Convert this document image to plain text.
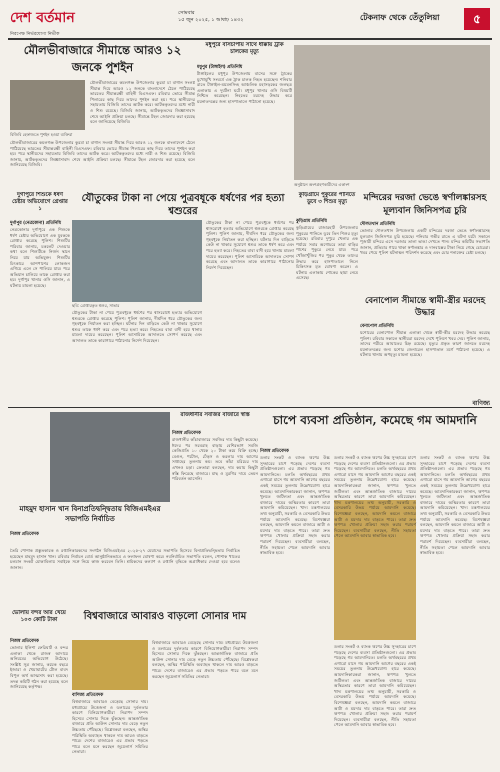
দেশ বর্তমান
নিরপেক্ষ নির্ভরযোগ্য নির্ভীক
সোমবার
১৫ জুন ২০২৫, ১ আষাঢ় ১৪৩২	টেকনাফ থেকে তেঁতুলিয়া	৫
মৌলভীবাজারে সীমান্তে আরও ১২ জনকে পুশইন
বিজিবি হেফাজতে পুশইন হওয়া ব্যক্তিরা
মৌলভীবাজারের কমলগঞ্জ উপজেলার কুরমা চা বাগান সংলগ্ন সীমান্ত দিয়ে আরও ১২ জনকে বাংলাদেশে ঠেলে পাঠিয়েছে ভারতের সীমান্তরক্ষী বাহিনী বিএসএফ। রবিবার ভোরে সীমান্ত পিলারের কাছ দিয়ে তাদের পুশইন করা হয়। পরে স্থানীয়দের সহায়তায় বিজিবি তাদের আটক করে। আটককৃতদের মধ্যে নারী ও শিশু রয়েছে। বিজিবি জানায়, আটককৃতদের জিজ্ঞাসাবাদ শেষে আইনি প্রক্রিয়া চলছে। সীমান্তে টহল জোরদার করা হয়েছে বলে জানিয়েছে বিজিবি।
মৌলভীবাজারের কমলগঞ্জ উপজেলার কুরমা চা বাগান সংলগ্ন সীমান্ত দিয়ে আরও ১২ জনকে বাংলাদেশে ঠেলে পাঠিয়েছে ভারতের সীমান্তরক্ষী বাহিনী বিএসএফ। রবিবার ভোরে সীমান্ত পিলারের কাছ দিয়ে তাদের পুশইন করা হয়। পরে স্থানীয়দের সহায়তায় বিজিবি তাদের আটক করে। আটককৃতদের মধ্যে নারী ও শিশু রয়েছে। বিজিবি জানায়, আটককৃতদের জিজ্ঞাসাবাদ শেষে আইনি প্রক্রিয়া চলছে। সীমান্তে টহল জোরদার করা হয়েছে বলে জানিয়েছে বিজিবি।
মধুপুরে বাসচাপায় সাথে ধাক্কায় ট্রাক চালকের মৃত্যু
মধুপুর (টাঙ্গাইল) প্রতিনিধি
টাঙ্গাইলের মধুপুর উপজেলায় বাসের সঙ্গে ট্রাকের মুখোমুখি সংঘর্ষে এক ট্রাক চালক নিহত হয়েছেন। শনিবার রাতে টাঙ্গাইল-ময়মনসিংহ আঞ্চলিক মহাসড়কের জলছত্র এলাকায় এ দুর্ঘটনা ঘটে। মধুপুর থানার ওসি বিষয়টি নিশ্চিত করেছেন। নিহতের মরদেহ উদ্ধার করে ময়নাতদন্তের জন্য হাসপাতালে পাঠানো হয়েছে।
অনুষ্ঠানে অংশগ্রহণকারীদের একাংশ
দুর্গাপুরে শিশুকে ধর্ষণ চেষ্টার অভিযোগে গ্রেপ্তার ১
দুর্গাপুর (নেত্রকোনা) প্রতিনিধি
নেত্রকোনার দুর্গাপুরে এক শিশুকে ধর্ষণ চেষ্টার অভিযোগে এক যুবককে গ্রেপ্তার করেছে পুলিশ। শিশুটির পরিবার জানায়, চকলেট দেওয়ার কথা বলে শিশুটিকে নির্জন স্থানে নিয়ে যায় অভিযুক্ত। শিশুটির চিৎকারে আশপাশের লোকজন এগিয়ে এলে সে পালিয়ে যায়। পরে অভিযান চালিয়ে তাকে গ্রেপ্তার করা হয়। দুর্গাপুর থানার ওসি জানান, এ ঘটনায় মামলা হয়েছে।
যৌতুকের টাকা না পেয়ে পুত্রবধূকে ধর্ষণের পর হত্যা শ্বশুরের
ছবি: গ্রেপ্তারকৃত শ্বশুর, সাভার
যৌতুকের টাকা না পেয়ে পুত্রবধূকে ধর্ষণের পর শ্বাসরোধে হত্যার অভিযোগে শ্বশুরকে গ্রেপ্তার করেছে পুলিশ। পুলিশ জানায়, দীর্ঘদিন ধরে যৌতুকের জন্য গৃহবধূকে নির্যাতন করা হচ্ছিল। ঘটনার দিন বাড়িতে কেউ না থাকার সুযোগে শ্বশুর তাকে ধর্ষণ করে এবং পরে হত্যা করে। নিহতের বাবা বাদী হয়ে থানায় মামলা দায়ের করেছেন। পুলিশ আসামিকে আদালতে সোপর্দ করেছে এবং আদালত তাকে কারাগারে পাঠানোর নির্দেশ দিয়েছেন।
যৌতুকের টাকা না পেয়ে পুত্রবধূকে ধর্ষণের পর শ্বাসরোধে হত্যার অভিযোগে শ্বশুরকে গ্রেপ্তার করেছে পুলিশ। পুলিশ জানায়, দীর্ঘদিন ধরে যৌতুকের জন্য গৃহবধূকে নির্যাতন করা হচ্ছিল। ঘটনার দিন বাড়িতে কেউ না থাকার সুযোগে শ্বশুর তাকে ধর্ষণ করে এবং পরে হত্যা করে। নিহতের বাবা বাদী হয়ে থানায় মামলা দায়ের করেছেন। পুলিশ আসামিকে আদালতে সোপর্দ করেছে এবং আদালত তাকে কারাগারে পাঠানোর নির্দেশ দিয়েছেন।
কুড়িগ্রামে পুকুরের পানিতে ডুবে ৩ শিশুর মৃত্যু
কুড়িগ্রাম প্রতিনিধি
কুড়িগ্রামের রাজারহাট উপজেলায় পুকুরের পানিতে ডুবে তিন শিশুর মৃত্যু হয়েছে। রবিবার দুপুরে খেলার এক পর্যায়ে সবার অগোচরে তারা বাড়ির পাশের পুকুরে নেমে যায়। পরে খোঁজাখুঁজির পর পুকুর থেকে তাদের উদ্ধার করে হাসপাতালে নিলে চিকিৎসক মৃত ঘোষণা করেন। এ ঘটনায় এলাকায় শোকের ছায়া নেমে এসেছে।
মন্দিরের দরজা ভেঙে স্বর্ণালঙ্কারসহ মূল্যবান জিনিসপত্র চুরি
দৌলতখান প্রতিনিধি
ভোলার দৌলতখান উপজেলায় একটি মন্দিরের দরজা ভেঙে স্বর্ণালঙ্কারসহ মূল্যবান জিনিসপত্র চুরি হয়েছে। শনিবার গভীর রাতে এ ঘটনা ঘটে। সকালে পূজারী মন্দিরে এসে দরজার তালা ভাঙা দেখতে পান। মন্দির কমিটির সভাপতি জানান, প্রতিমার গায়ে থাকা স্বর্ণালঙ্কার ও দানবাক্সের টাকা নিয়ে গেছে চোরেরা। খবর পেয়ে পুলিশ ঘটনাস্থল পরিদর্শন করেছে এবং চোর শনাক্তের চেষ্টা চলছে।
বেনাপোল সীমান্তে স্বামী-স্ত্রীর মরদেহ উদ্ধার
বেনাপোল প্রতিনিধি
যশোরের বেনাপোল সীমান্ত এলাকা থেকে স্বামী-স্ত্রীর মরদেহ উদ্ধার করেছে পুলিশ। রবিবার সকালে স্থানীয়রা মরদেহ দেখে পুলিশে খবর দেয়। পুলিশ জানায়, তাদের শরীরে আঘাতের চিহ্ন রয়েছে। মৃত্যুর প্রকৃত কারণ জানতে মরদেহ ময়নাতদন্তের জন্য যশোর জেনারেল হাসপাতাল মর্গে পাঠানো হয়েছে। এ ঘটনায় থানায় অপমৃত্যু মামলা হয়েছে।
বাণিজ্য
মাহমুদ হাসান খান বিনাপ্রতিদ্বন্দ্বিতায় বিজিএমইএর সভাপতি নির্বাচিত
নিজস্ব প্রতিবেদক
তৈরি পোশাক প্রস্তুতকারক ও রপ্তানিকারকদের সংগঠন বিজিএমইএর ২০২৫-২৭ মেয়াদের সভাপতি হিসেবে বিনাপ্রতিদ্বন্দ্বিতায় নির্বাচিত হয়েছেন মাহমুদ হাসান খান। রবিবার নির্বাচন বোর্ড আনুষ্ঠানিকভাবে এ ফলাফল ঘোষণা করে। নবনির্বাচিত সভাপতি বলেন, পোশাক খাতের চলমান সংকট মোকাবিলায় সবাইকে সঙ্গে নিয়ে কাজ করবেন তিনি। শ্রমিকদের কল্যাণ ও রপ্তানি বৃদ্ধিকে অগ্রাধিকার দেওয়া হবে বলেও জানান।
রাজধানীর সবজির বাজারে স্বস্তি
নিজস্ব প্রতিবেদক
রাজধানীর কাঁচাবাজারে সবজির দাম কিছুটা কমেছে। ঈদের পর সরবরাহ বাড়ায় বেশিরভাগ সবজি কেজিপ্রতি ১০ থেকে ২০ টাকা কমে বিক্রি হচ্ছে। বেগুন, পটোল, ঢেঁড়স ও করলার দাম আগের সপ্তাহের তুলনায় কম। তবে কাঁচা মরিচের দাম এখনও চড়া। ক্রেতারা বলছেন, দাম কমায় কিছুটা স্বস্তি ফিরেছে বাজারে। মাছ ও মুরগির দামে তেমন পরিবর্তন আসেনি।
চাপে ব্যবসা প্রতিষ্ঠান, কমেছে গম আমদানি
নিজস্ব প্রতিবেদক
ডলার সংকট ও ব্যাংক ঋণের উচ্চ সুদহারের চাপে পড়েছে দেশের ব্যবসা প্রতিষ্ঠানগুলো। এর প্রভাব পড়েছে গম আমদানিতে। চলতি অর্থবছরের প্রথম এগারো মাসে গম আমদানি আগের বছরের একই সময়ের তুলনায় উল্লেখযোগ্য হারে কমেছে। আমদানিকারকরা জানান, ঋণপত্র খুলতে জটিলতা এবং আন্তর্জাতিক বাজারে দামের অস্থিরতার কারণে তারা আমদানি কমিয়েছেন। খাদ্য মন্ত্রণালয়ের তথ্য অনুযায়ী, সরকারি ও বেসরকারি উভয় পর্যায়ে আমদানি কমেছে। বিশেষজ্ঞরা বলছেন, আমদানি কমলে বাজারে আটা ও ময়দার দাম বাড়তে পারে। তারা দ্রুত ঋণপত্র খোলার প্রক্রিয়া সহজ করার পরামর্শ দিয়েছেন। ব্যবসায়ীরা বলছেন, নীতি সহায়তা পেলে আমদানি আবার স্বাভাবিক হবে।
ডলার সংকট ও ব্যাংক ঋণের উচ্চ সুদহারের চাপে পড়েছে দেশের ব্যবসা প্রতিষ্ঠানগুলো। এর প্রভাব পড়েছে গম আমদানিতে। চলতি অর্থবছরের প্রথম এগারো মাসে গম আমদানি আগের বছরের একই সময়ের তুলনায় উল্লেখযোগ্য হারে কমেছে। আমদানিকারকরা জানান, ঋণপত্র খুলতে জটিলতা এবং আন্তর্জাতিক বাজারে দামের অস্থিরতার কারণে তারা আমদানি কমিয়েছেন। খাদ্য মন্ত্রণালয়ের তথ্য অনুযায়ী, সরকারি ও বেসরকারি উভয় পর্যায়ে আমদানি কমেছে। বিশেষজ্ঞরা বলছেন, আমদানি কমলে বাজারে আটা ও ময়দার দাম বাড়তে পারে। তারা দ্রুত ঋণপত্র খোলার প্রক্রিয়া সহজ করার পরামর্শ দিয়েছেন। ব্যবসায়ীরা বলছেন, নীতি সহায়তা পেলে আমদানি আবার স্বাভাবিক হবে।
ডলার সংকট ও ব্যাংক ঋণের উচ্চ সুদহারের চাপে পড়েছে দেশের ব্যবসা প্রতিষ্ঠানগুলো। এর প্রভাব পড়েছে গম আমদানিতে। চলতি অর্থবছরের প্রথম এগারো মাসে গম আমদানি আগের বছরের একই সময়ের তুলনায় উল্লেখযোগ্য হারে কমেছে। আমদানিকারকরা জানান, ঋণপত্র খুলতে জটিলতা এবং আন্তর্জাতিক বাজারে দামের অস্থিরতার কারণে তারা আমদানি কমিয়েছেন। খাদ্য মন্ত্রণালয়ের তথ্য অনুযায়ী, সরকারি ও বেসরকারি উভয় পর্যায়ে আমদানি কমেছে। বিশেষজ্ঞরা বলছেন, আমদানি কমলে বাজারে আটা ও ময়দার দাম বাড়তে পারে। তারা দ্রুত ঋণপত্র খোলার প্রক্রিয়া সহজ করার পরামর্শ দিয়েছেন। ব্যবসায়ীরা বলছেন, নীতি সহায়তা পেলে আমদানি আবার স্বাভাবিক হবে।
ডলার সংকট ও ব্যাংক ঋণের উচ্চ সুদহারের চাপে পড়েছে দেশের ব্যবসা প্রতিষ্ঠানগুলো। এর প্রভাব পড়েছে গম আমদানিতে। চলতি অর্থবছরের প্রথম এগারো মাসে গম আমদানি আগের বছরের একই সময়ের তুলনায় উল্লেখযোগ্য হারে কমেছে। আমদানিকারকরা জানান, ঋণপত্র খুলতে জটিলতা এবং আন্তর্জাতিক বাজারে দামের অস্থিরতার কারণে তারা আমদানি কমিয়েছেন। খাদ্য মন্ত্রণালয়ের তথ্য অনুযায়ী, সরকারি ও বেসরকারি উভয় পর্যায়ে আমদানি কমেছে। বিশেষজ্ঞরা বলছেন, আমদানি কমলে বাজারে আটা ও ময়দার দাম বাড়তে পারে। তারা দ্রুত ঋণপত্র খোলার প্রক্রিয়া সহজ করার পরামর্শ দিয়েছেন। ব্যবসায়ীরা বলছেন, নীতি সহায়তা পেলে আমদানি আবার স্বাভাবিক হবে।
ভোলায় বন্দর আর খেয়ে ১০৩ কোটি টাকা
নিজস্ব প্রতিবেদক
ভোলার ইলিশা ফেরিঘাট ও বন্দর এলাকা থেকে রাজস্ব আদায়ে অনিয়মের অভিযোগ উঠেছে। সংশ্লিষ্ট সূত্র জানায়, কয়েক বছরে ইজারা ও খেয়াঘাটের টোল বাবদ বিপুল অর্থ আত্মসাৎ করা হয়েছে। তদন্ত কমিটি গঠন করা হয়েছে বলে জানিয়েছে কর্তৃপক্ষ।
বিশ্ববাজারে আবারও বাড়লো সোনার দাম
বাণিজ্য প্রতিবেদক
বিশ্ববাজারে আবারও বেড়েছে সোনার দাম। মধ্যপ্রাচ্যে উত্তেজনা ও ডলারের দুর্বলতার কারণে বিনিয়োগকারীরা নিরাপদ সম্পদ হিসেবে সোনার দিকে ঝুঁকছেন। আন্তর্জাতিক বাজারে প্রতি আউন্স সোনার দাম বেড়ে নতুন উচ্চতায় পৌঁছেছে। বিশ্লেষকরা বলছেন, অস্থির পরিস্থিতি অব্যাহত থাকলে দাম আরও বাড়তে পারে। দেশের বাজারেও এর প্রভাব পড়তে পারে বলে মনে করছেন জুয়েলার্স সমিতির নেতারা।
বিশ্ববাজারে আবারও বেড়েছে সোনার দাম। মধ্যপ্রাচ্যে উত্তেজনা ও ডলারের দুর্বলতার কারণে বিনিয়োগকারীরা নিরাপদ সম্পদ হিসেবে সোনার দিকে ঝুঁকছেন। আন্তর্জাতিক বাজারে প্রতি আউন্স সোনার দাম বেড়ে নতুন উচ্চতায় পৌঁছেছে। বিশ্লেষকরা বলছেন, অস্থির পরিস্থিতি অব্যাহত থাকলে দাম আরও বাড়তে পারে। দেশের বাজারেও এর প্রভাব পড়তে পারে বলে মনে করছেন জুয়েলার্স সমিতির নেতারা।
